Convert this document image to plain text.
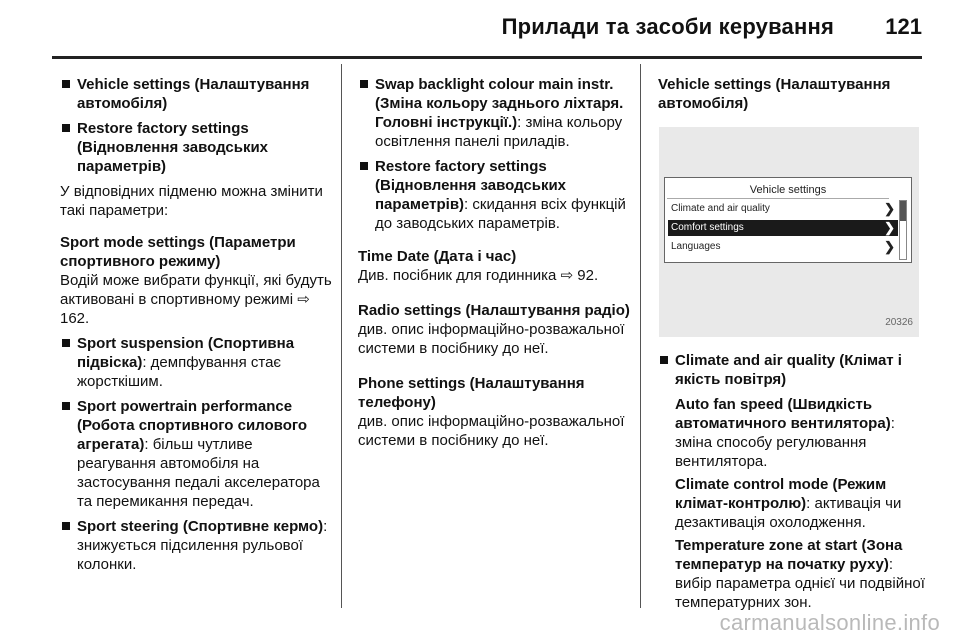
Прилади та засоби керування 121
Vehicle settings (Налаштування автомобіля)
Restore factory settings (Відновлення заводських параметрів)
У відповідних підменю можна змінити такі параметри:
Sport mode settings (Параметри спортивного режиму)
Водій може вибрати функції, які будуть активовані в спортивному режимі ⇨ 162.
Sport suspension (Спортивна підвіска): демпфування стає жорсткішим.
Sport powertrain performance (Робота спортивного силового агрегата): більш чутливе реагування автомобіля на застосування педалі акселератора та перемикання передач.
Sport steering (Спортивне кермо): знижується підсилення рульової колонки.
Swap backlight colour main instr. (Зміна кольору заднього ліхтаря. Головні інструкції.): зміна кольору освітлення панелі приладів.
Restore factory settings (Відновлення заводських параметрів): скидання всіх функцій до заводських параметрів.
Time Date (Дата і час)
Див. посібник для годинника ⇨ 92.
Radio settings (Налаштування радіо)
див. опис інформаційно-розважальної системи в посібнику до неї.
Phone settings (Налаштування телефону)
див. опис інформаційно-розважальної системи в посібнику до неї.
Vehicle settings (Налаштування автомобіля)
Vehicle settings
Climate and air quality	❯
Comfort settings	❯
Languages	❯
20326
Climate and air quality (Клімат і якість повітря)
Auto fan speed (Швидкість автоматичного вентилятора): зміна способу регулювання вентилятора.
Climate control mode (Режим клімат-контролю): активація чи дезактивація охолодження.
Temperature zone at start (Зона температур на початку руху): вибір параметра однієї чи подвійної температурних зон.
carmanualsonline.info
